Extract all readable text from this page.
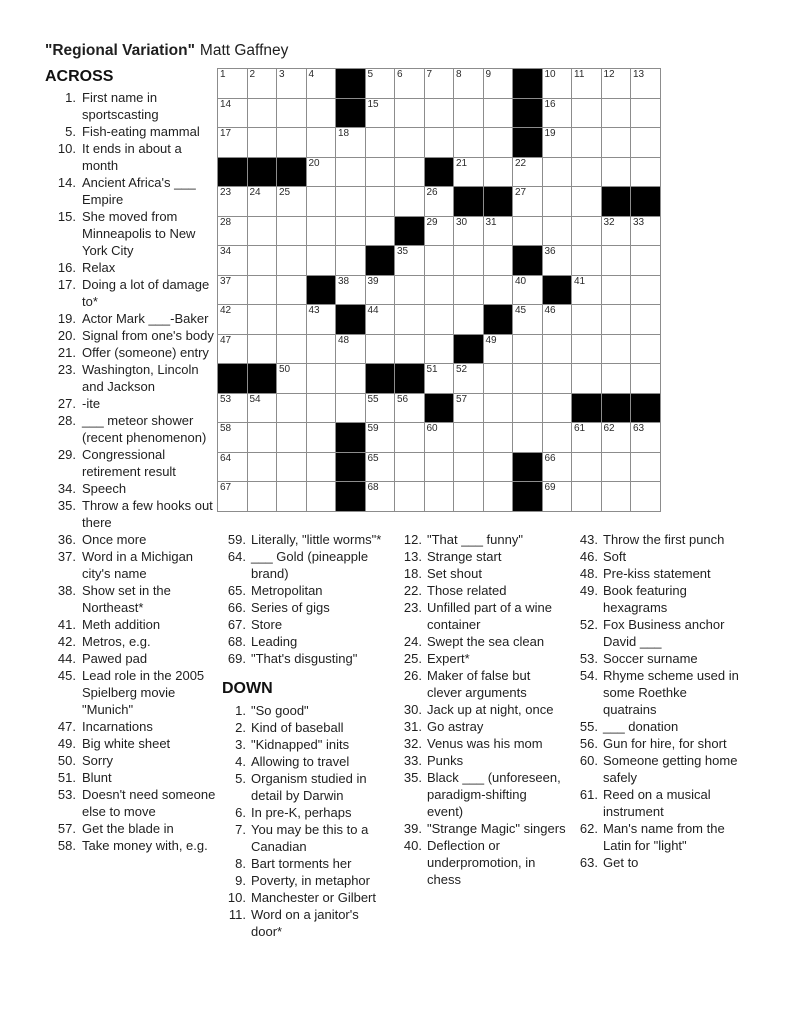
"Regional Variation" Matt Gaffney
ACROSS
1. First name in sportscasting
5. Fish-eating mammal
10. It ends in about a month
14. Ancient Africa's ___ Empire
15. She moved from Minneapolis to New York City
16. Relax
17. Doing a lot of damage to*
19. Actor Mark ___-Baker
20. Signal from one's body
21. Offer (someone) entry
23. Washington, Lincoln and Jackson
27. -ite
28. ___ meteor shower (recent phenomenon)
29. Congressional retirement result
34. Speech
35. Throw a few hooks out there
36. Once more
37. Word in a Michigan city's name
38. Show set in the Northeast*
41. Meth addition
42. Metros, e.g.
44. Pawed pad
45. Lead role in the 2005 Spielberg movie "Munich"
47. Incarnations
49. Big white sheet
50. Sorry
51. Blunt
53. Doesn't need someone else to move
57. Get the blade in
58. Take money with, e.g.
1 2 3 4	5 6 7 8 9	10 11 12 13
14	15	16
17	18	19
20	21	22
23 24 25	26	27
28	29 30 31	32 33
34	35	36
37	38 39	40	41
42	43	44	45 46
47	48	49
50	51 52
53 54	55 56	57
58	59	60	61 62 63
64	65	66
67	68	69
59. Literally, "little worms"*
64. ___ Gold (pineapple brand)
65. Metropolitan
66. Series of gigs
67. Store
68. Leading
69. "That's disgusting"
DOWN
1. "So good"
2. Kind of baseball
3. "Kidnapped" inits
4. Allowing to travel
5. Organism studied in detail by Darwin
6. In pre-K, perhaps
7. You may be this to a Canadian
8. Bart torments her
9. Poverty, in metaphor
10. Manchester or Gilbert
11. Word on a janitor's door*
12. "That ___ funny"
13. Strange start
18. Set shout
22. Those related
23. Unfilled part of a wine container
24. Swept the sea clean
25. Expert*
26. Maker of false but clever arguments
30. Jack up at night, once
31. Go astray
32. Venus was his mom
33. Punks
35. Black ___ (unforeseen, paradigm-shifting event)
39. "Strange Magic" singers
40. Deflection or underpromotion, in chess
43. Throw the first punch
46. Soft
48. Pre-kiss statement
49. Book featuring hexagrams
52. Fox Business anchor David ___
53. Soccer surname
54. Rhyme scheme used in some Roethke quatrains
55. ___ donation
56. Gun for hire, for short
60. Someone getting home safely
61. Reed on a musical instrument
62. Man's name from the Latin for "light"
63. Get to
